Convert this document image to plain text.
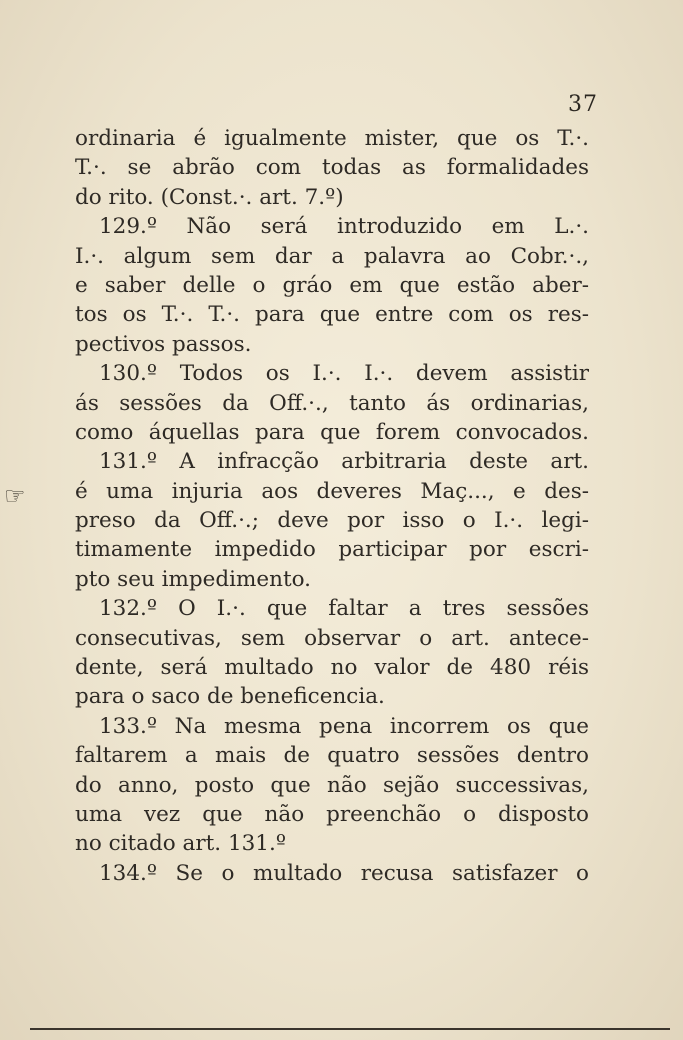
37
☞
ordinaria é igualmente mister, que os T.·.
T.·. se abrão com todas as formalidades
do rito. (Const.·. art. 7.º)
129.º Não será introduzido em L.·.
I.·. algum sem dar a palavra ao Cobr.·.,
e saber delle o gráo em que estão aber-
tos os T.·. T.·. para que entre com os res-
pectivos passos.
130.º Todos os I.·. I.·. devem assistir
ás sessões da Off.·., tanto ás ordinarias,
como áquellas para que forem convocados.
131.º A infracção arbitraria deste art.
é uma injuria aos deveres Maç..., e des-
preso da Off.·.; deve por isso o I.·. legi-
timamente impedido participar por escri-
pto seu impedimento.
132.º O I.·. que faltar a tres sessões
consecutivas, sem observar o art. antece-
dente, será multado no valor de 480 réis
para o saco de beneficencia.
133.º Na mesma pena incorrem os que
faltarem a mais de quatro sessões dentro
do anno, posto que não sejão successivas,
uma vez que não preenchão o disposto
no citado art. 131.º
134.º Se o multado recusa satisfazer o
